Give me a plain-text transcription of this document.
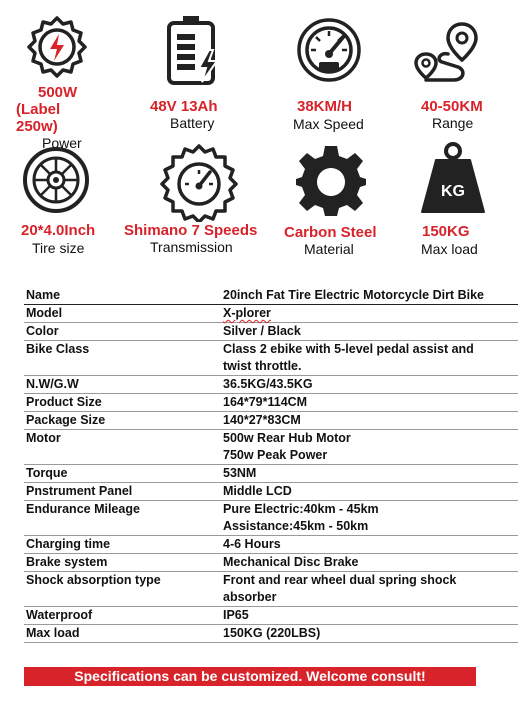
500W
(Label
250w)
Power
48V 13Ah
Battery
38KM/H
Max Speed
40-50KM
Range
KG
20*4.0Inch
Tire size
Shimano 7 Speeds
Transmission
Carbon Steel
Material
150KG
Max load
Name	20inch Fat Tire Electric Motorcycle Dirt Bike
Model	X-plorer
Color	Silver / Black
Bike Class	Class 2 ebike with 5-level pedal assist and
twist throttle.

N.W/G.W	36.5KG/43.5KG
Product Size	164*79*114CM
Package Size	140*27*83CM
Motor	500w Rear Hub Motor
750w Peak Power

Torque	53NM
Pnstrument Panel	Middle LCD
Endurance Mileage	Pure Electric:40km - 45km
Assistance:45km - 50km

Charging time	4-6 Hours
Brake system	Mechanical Disc Brake
Shock absorption type	Front and rear wheel dual spring shock
absorber

Waterproof	IP65
Max load	150KG (220LBS)
Specifications can be customized. Welcome consult!
